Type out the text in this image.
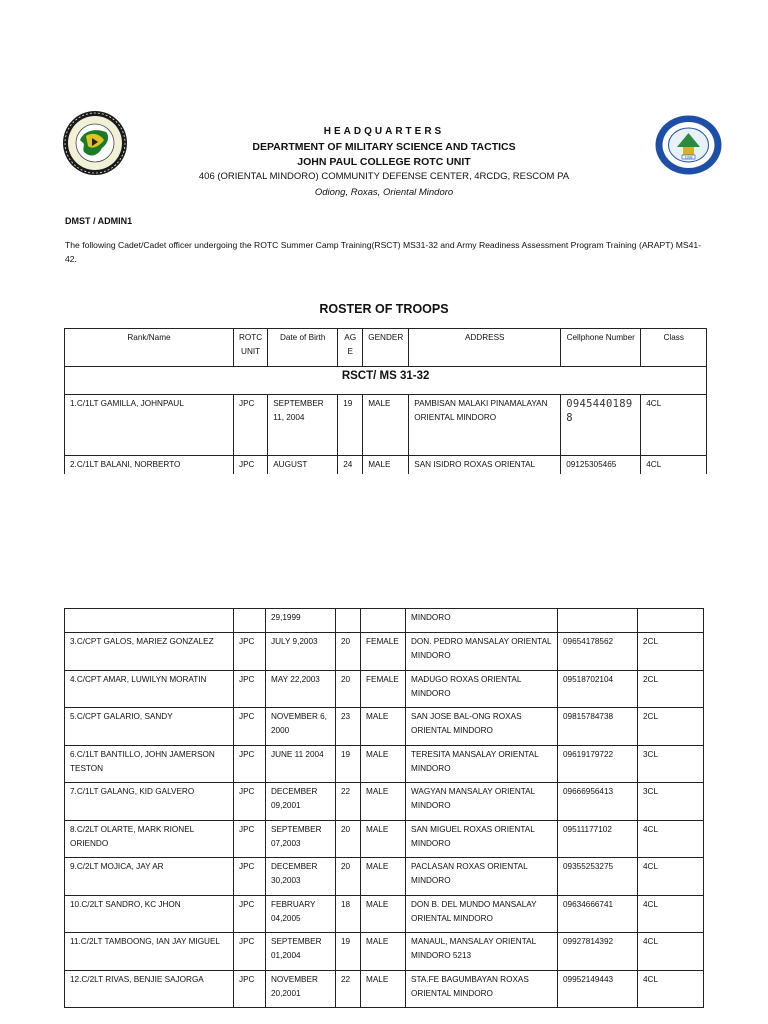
1998
HEADQUARTERS
DEPARTMENT OF MILITARY SCIENCE AND TACTICS
JOHN PAUL COLLEGE ROTC UNIT
406 (ORIENTAL MINDORO) COMMUNITY DEFENSE CENTER, 4RCDG, RESCOM PA
Odiong, Roxas, Oriental Mindoro
DMST / ADMIN1
The following Cadet/Cadet officer undergoing the ROTC Summer Camp Training(RSCT) MS31-32 and Army Readiness Assessment Program Training (ARAPT) MS41-42.
ROSTER OF TROOPS
Rank/Name	ROTC UNIT	Date of Birth	AG E	GENDER	ADDRESS	Cellphone Number	Class
RSCT/ MS 31-32							
1.C/1LT GAMILLA, JOHNPAUL	JPC	SEPTEMBER 11, 2004	19	MALE	PAMBISAN MALAKI PINAMALAYAN ORIENTAL MINDORO	0945440189 8	4CL
2.C/1LT BALANI, NORBERTO	JPC	AUGUST	24	MALE	SAN ISIDRO ROXAS ORIENTAL	09125305465	4CL
		29,1999			MINDORO		
3.C/CPT GALOS, MARIEZ GONZALEZ	JPC	JULY 9,2003	20	FEMALE	DON. PEDRO MANSALAY ORIENTAL MINDORO	09654178562	2CL
4.C/CPT AMAR, LUWILYN MORATIN	JPC	MAY 22,2003	20	FEMALE	MADUGO ROXAS ORIENTAL MINDORO	09518702104	2CL
5.C/CPT GALARIO, SANDY	JPC	NOVEMBER 6, 2000	23	MALE	SAN JOSE BAL-ONG ROXAS ORIENTAL MINDORO	09815784738	2CL
6.C/1LT BANTILLO, JOHN JAMERSON TESTON	JPC	JUNE 11 2004	19	MALE	TERESITA MANSALAY ORIENTAL MINDORO	09619179722	3CL
7.C/1LT GALANG, KID GALVERO	JPC	DECEMBER 09,2001	22	MALE	WAGYAN MANSALAY ORIENTAL MINDORO	09666956413	3CL
8.C/2LT OLARTE, MARK RIONEL ORIENDO	JPC	SEPTEMBER 07,2003	20	MALE	SAN MIGUEL ROXAS ORIENTAL MINDORO	09511177102	4CL
9.C/2LT MOJICA, JAY AR	JPC	DECEMBER 30,2003	20	MALE	PACLASAN ROXAS ORIENTAL MINDORO	09355253275	4CL
10.C/2LT SANDRO, KC JHON	JPC	FEBRUARY 04,2005	18	MALE	DON B. DEL MUNDO MANSALAY ORIENTAL MINDORO	09634666741	4CL
11.C/2LT TAMBOONG, IAN JAY MIGUEL	JPC	SEPTEMBER 01,2004	19	MALE	MANAUL, MANSALAY ORIENTAL MINDORO 5213	09927814392	4CL
12.C/2LT RIVAS, BENJIE SAJORGA	JPC	NOVEMBER 20,2001	22	MALE	STA.FE BAGUMBAYAN ROXAS ORIENTAL MINDORO	09952149443	4CL
